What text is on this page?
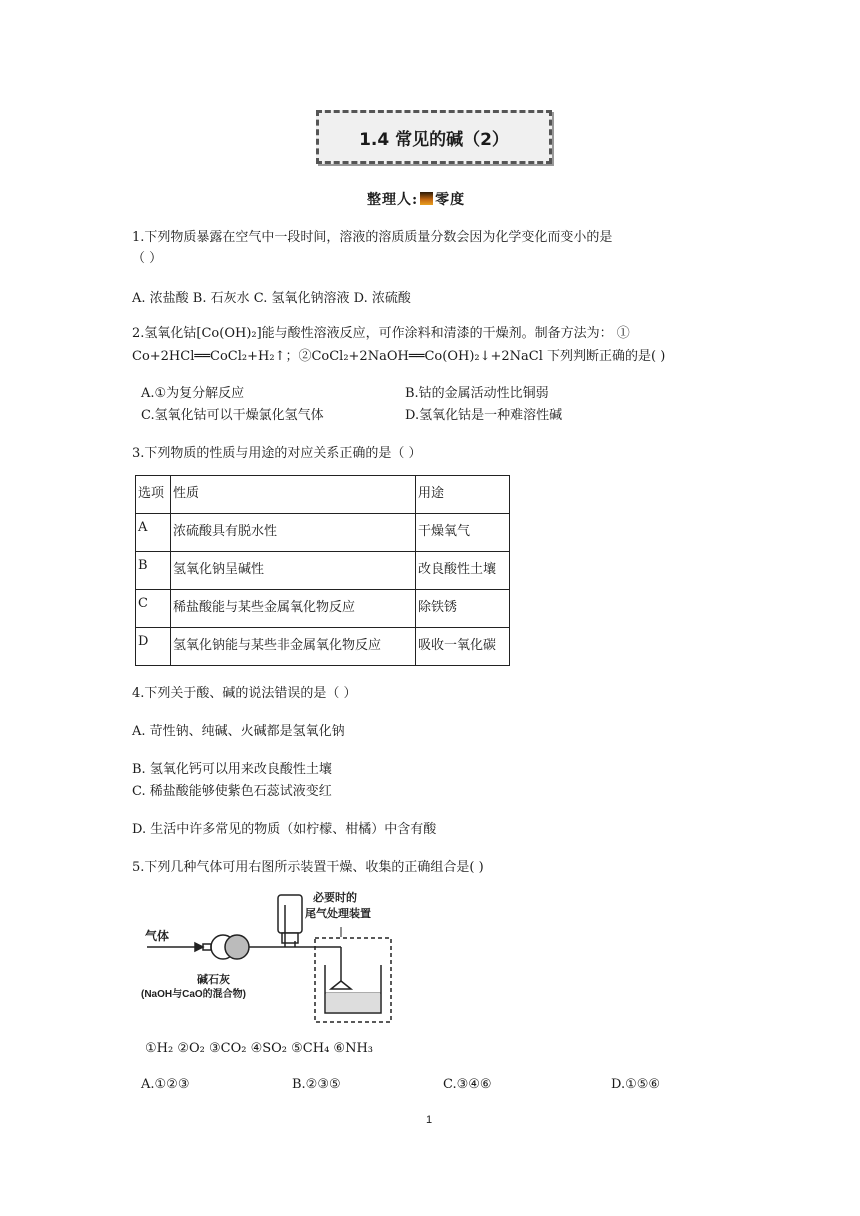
1.4 常见的碱（2）
整理人: 零度
1.下列物质暴露在空气中一段时间，溶液的溶质质量分数会因为化学变化而变小的是
（ ）
A. 浓盐酸 B. 石灰水 C. 氢氧化钠溶液 D. 浓硫酸
2.氢氧化钴[Co(OH)₂]能与酸性溶液反应，可作涂料和清漆的干燥剂。制备方法为： ①
Co+2HCl══CoCl₂+H₂↑；②CoCl₂+2NaOH══Co(OH)₂↓+2NaCl 下列判断正确的是( )
A.①为复分解反应	B.钴的金属活动性比铜弱
C.氢氧化钴可以干燥氯化氢气体	D.氢氧化钴是一种难溶性碱
3.下列物质的性质与用途的对应关系正确的是（ ）
选项	性质	用途
A	浓硫酸具有脱水性	干燥氧气
B	氢氧化钠呈碱性	改良酸性土壤
C	稀盐酸能与某些金属氧化物反应	除铁锈
D	氢氧化钠能与某些非金属氧化物反应	吸收一氧化碳
4.下列关于酸、碱的说法错误的是（ ）
A. 苛性钠、纯碱、火碱都是氢氧化钠
B. 氢氧化钙可以用来改良酸性土壤
C. 稀盐酸能够使紫色石蕊试液变红
D. 生活中许多常见的物质（如柠檬、柑橘）中含有酸
5.下列几种气体可用右图所示装置干燥、收集的正确组合是( )
气体
碱石灰
(NaOH与CaO的混合物)
必要时的
尾气处理装置
①H₂ ②O₂ ③CO₂ ④SO₂ ⑤CH₄ ⑥NH₃
A.①②③	B.②③⑤	C.③④⑥	D.①⑤⑥
1
